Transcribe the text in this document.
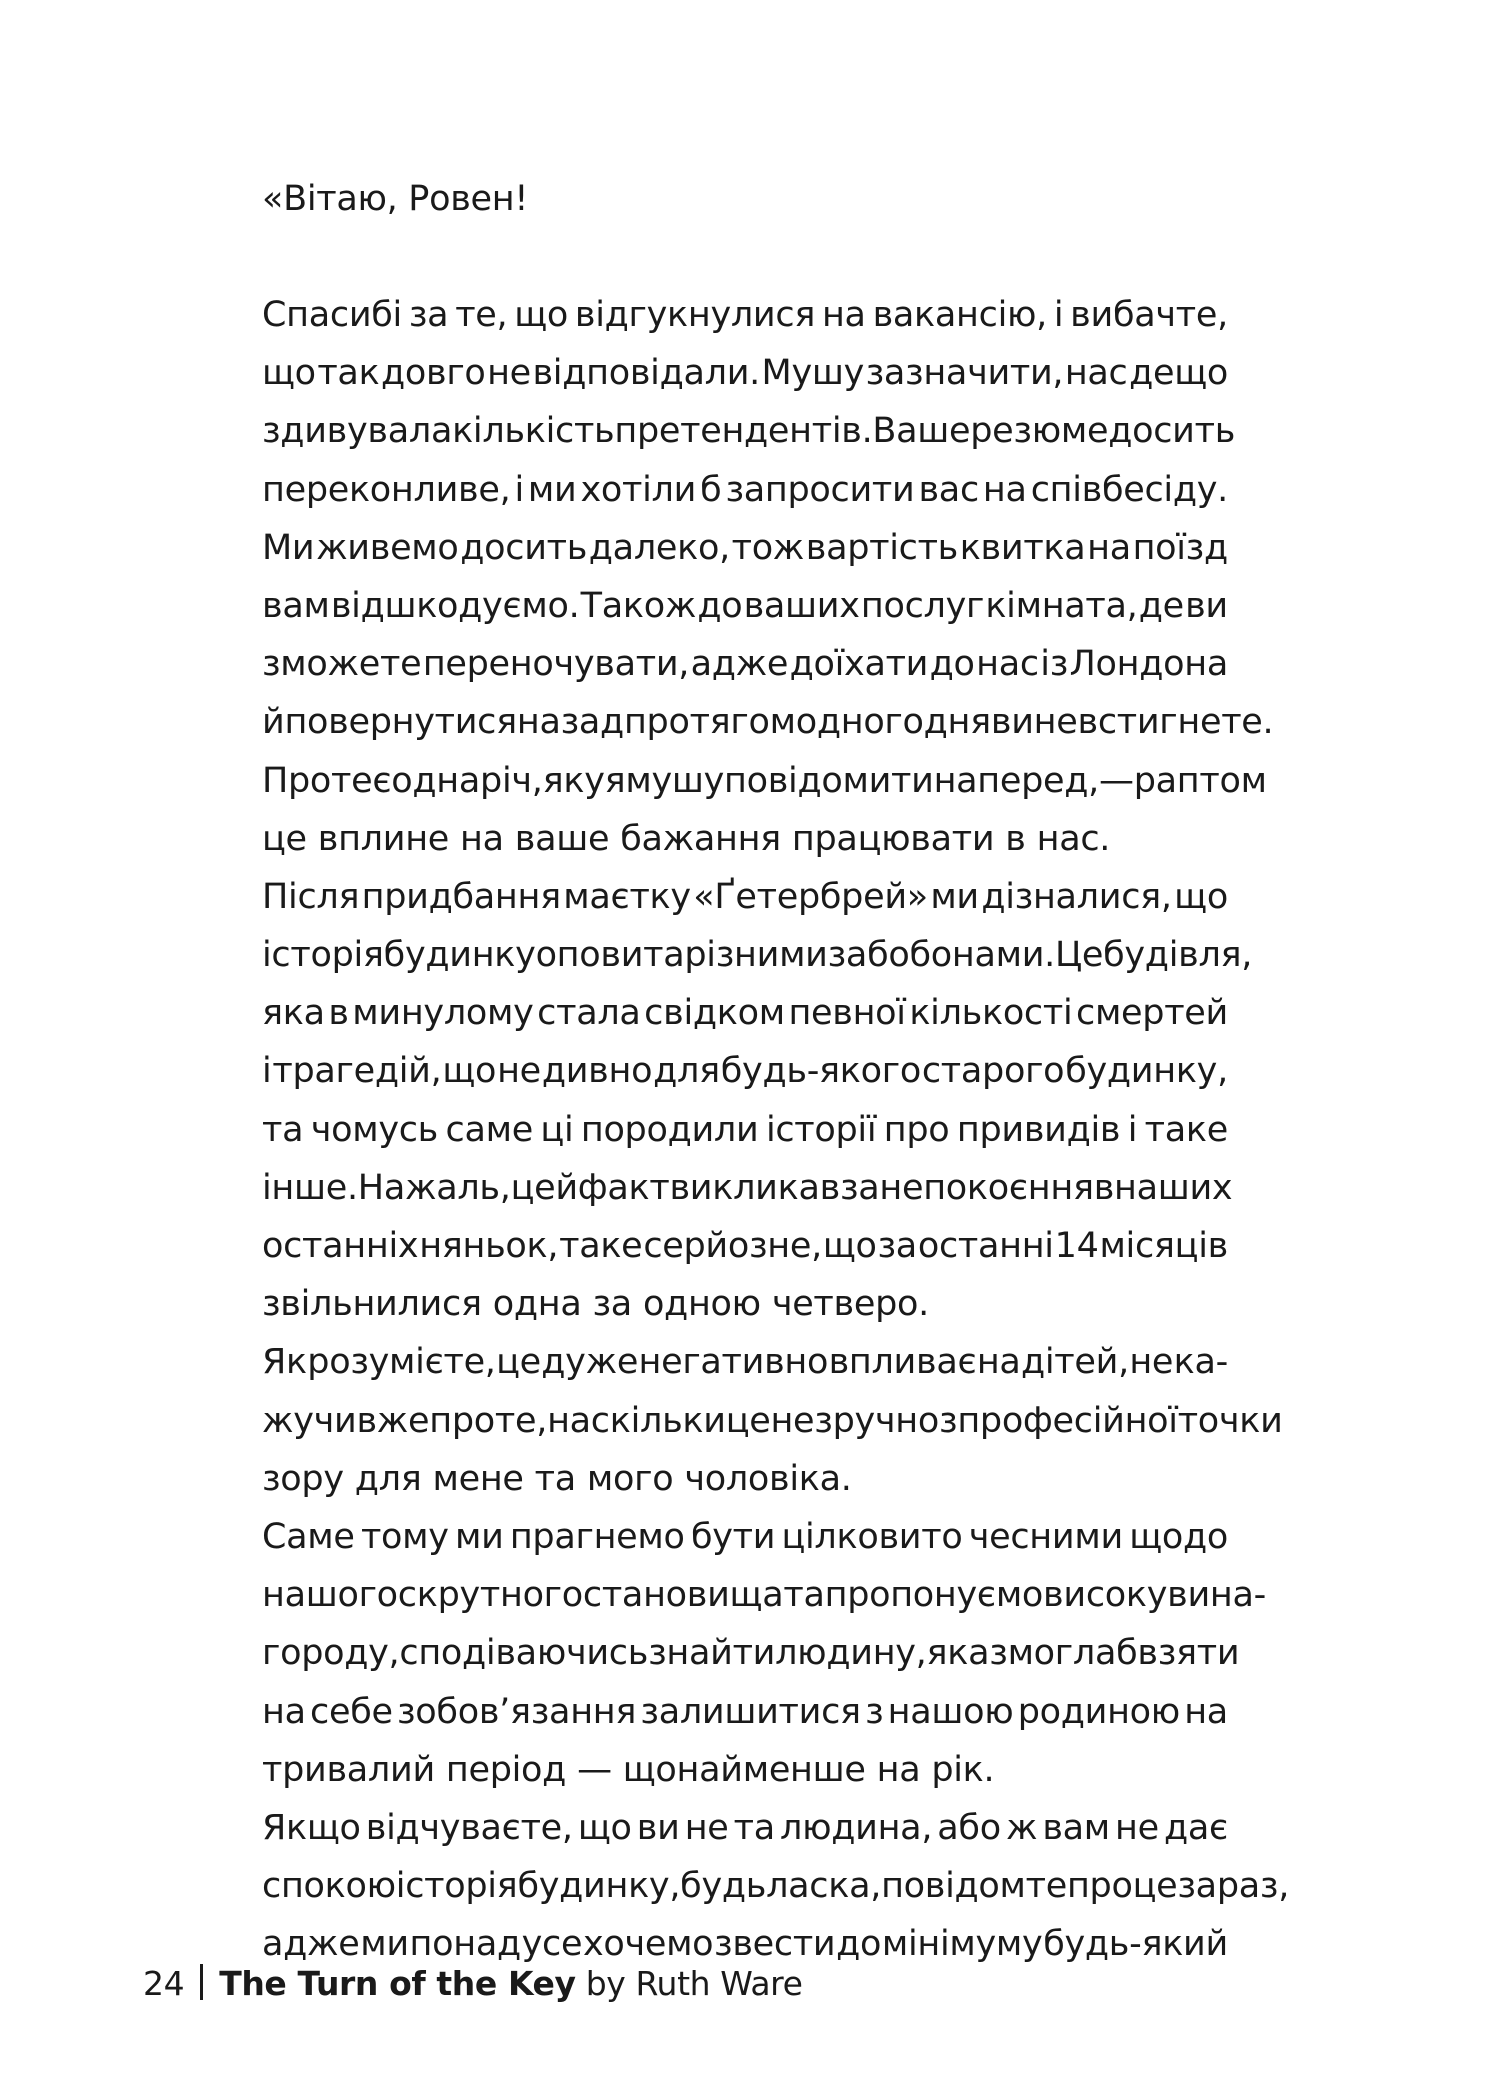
«Вітаю, Ровен!
Спасибі за те, що відгукнулися на вакансію, і вибачте,
що так довго не відповідали. Мушу зазначити, нас дещо
здивувала кількість претендентів. Ваше резюме досить
переконливе, і ми хотіли б запросити вас на співбесіду.
Ми живемо досить далеко, тож вартість квитка на поїзд
вам відшкодуємо. Також до ваших послуг кімната, де ви
зможете переночувати, адже доїхати до нас із Лондона
й повернутися назад протягом одного дня ви не встигнете.
Проте є одна річ, яку я мушу повідомити наперед, — раптом
це вплине на ваше бажання працювати в нас.
Після придбання маєтку «Ґетербрей» ми дізналися, що
історія будинку оповита різними забобонами. Це будівля,
яка в минулому стала свідком певної кількості смертей
і трагедій, що не дивно для будь-якого старого будинку,
та чомусь саме ці породили історії про привидів і таке
інше. На жаль, цей факт викликав занепокоєння в наших
останніх няньок, таке серйозне, що за останні 14 місяців
звільнилися одна за одною четверо.
Як розумієте, це дуже негативно впливає на дітей, не ка-
жучи вже про те, наскільки це незручно з професійної точки
зору для мене та мого чоловіка.
Саме тому ми прагнемо бути цілковито чесними щодо
нашого скрутного становища та пропонуємо високу вина-
городу, сподіваючись знайти людину, яка змогла б взяти
на себе зобов’язання залишитися з нашою родиною на
тривалий період — щонайменше на рік.
Якщо відчуваєте, що ви не та людина, або ж вам не дає
спокою історія будинку, будь ласка, повідомте про це зараз,
адже ми понад усе хочемо звести до мінімуму будь-який
24 The Turn of the Key by Ruth Ware
